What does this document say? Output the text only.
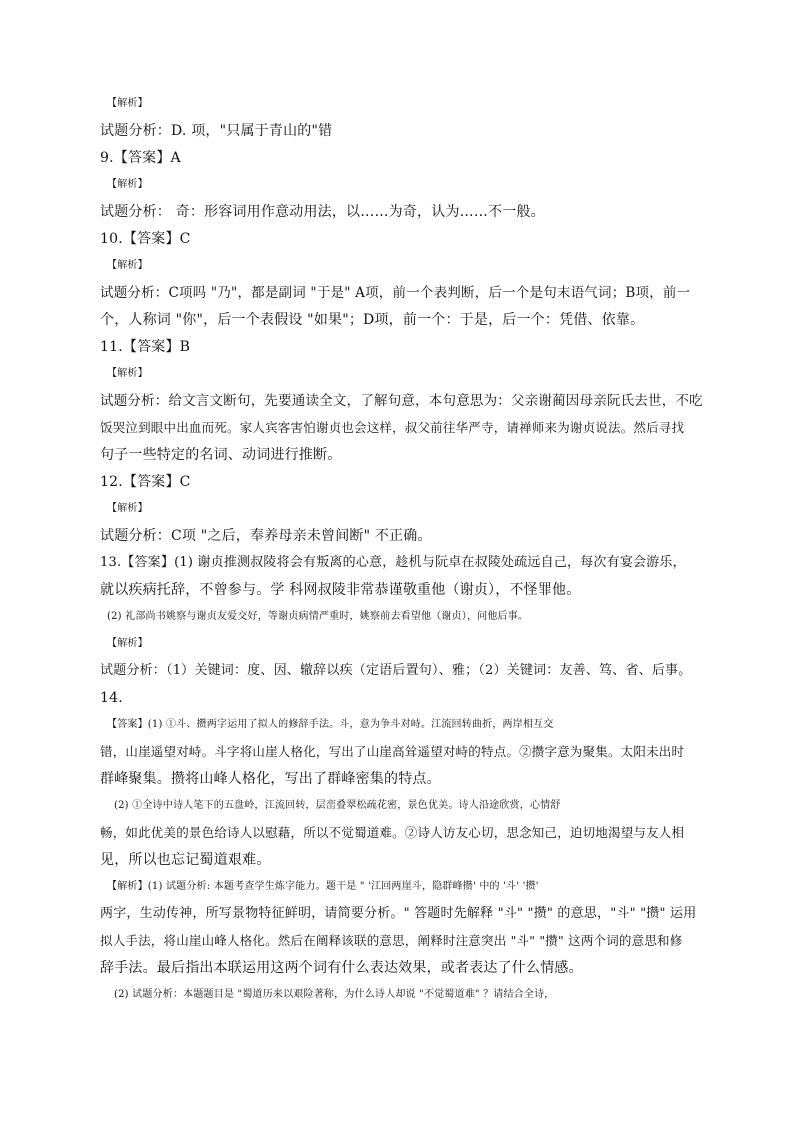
【解析】
试题分析：D. 项，"只属于青山的"错
9.【答案】A
【解析】
试题分析： 奇：形容词用作意动用法，以……为奇，认为……不一般。
10.【答案】C
【解析】
试题分析：C项吗 "乃"，都是副词 "于是" A项，前一个表判断，后一个是句末语气词；B项，前一
个，人称词 "你"，后一个表假设 "如果"；D项，前一个：于是，后一个：凭借、依靠。
11.【答案】B
【解析】
试题分析：给文言文断句，先要通读全文，了解句意，本句意思为：父亲谢蔺因母亲阮氏去世，不吃
饭哭泣到眼中出血而死。家人宾客害怕谢贞也会这样，叔父前往华严寺，请禅师来为谢贞说法。然后寻找
句子一些特定的名词、动词进行推断。
12.【答案】C
【解析】
试题分析：C项 "之后，奉养母亲未曾间断" 不正确。
13.【答案】(1) 谢贞推测叔陵将会有叛离的心意，趁机与阮卓在叔陵处疏远自己，每次有宴会游乐，
就以疾病托辞，不曾参与。学 科网叔陵非常恭谨敬重他（谢贞），不怪罪他。
(2) 礼部尚书姚察与谢贞友爱交好，等谢贞病情严重时，姚察前去看望他（谢贞），问他后事。
【解析】
试题分析：（1）关键词：度、因、辙辞以疾（定语后置句）、雅；（2）关键词：友善、笃、省、后事。
14.
【答案】(1) ①斗、攒两字运用了拟人的修辞手法。斗，意为争斗对峙。江流回转曲折，两岸相互交
错，山崖遥望对峙。斗字将山崖人格化，写出了山崖高耸遥望对峙的特点。②攒字意为聚集。太阳未出时
群峰聚集。攒将山峰人格化，写出了群峰密集的特点。
(2) ①全诗中诗人笔下的五盘岭，江流回转，层峦叠翠松疏花密，景色优美。诗人沿途欣赏，心情舒
畅，如此优美的景色给诗人以慰藉，所以不觉蜀道难。②诗人访友心切，思念知己，迫切地渴望与友人相
见，所以也忘记蜀道艰难。
【解析】(1) 试题分析: 本题考查学生炼字能力。题干是 " '江回两崖斗，隐群峰攒' 中的 '斗' '攒'
两字，生动传神，所写景物特征鲜明，请简要分析。" 答题时先解释 "斗" "攒" 的意思，"斗" "攒" 运用
拟人手法，将山崖山峰人格化。然后在阐释该联的意思，阐释时注意突出 "斗" "攒" 这两个词的意思和修
辞手法。最后指出本联运用这两个词有什么表达效果，或者表达了什么情感。
(2) 试题分析：本题题目是 "蜀道历来以艰险著称，为什么诗人却说 "不觉蜀道难" ？请结合全诗，
